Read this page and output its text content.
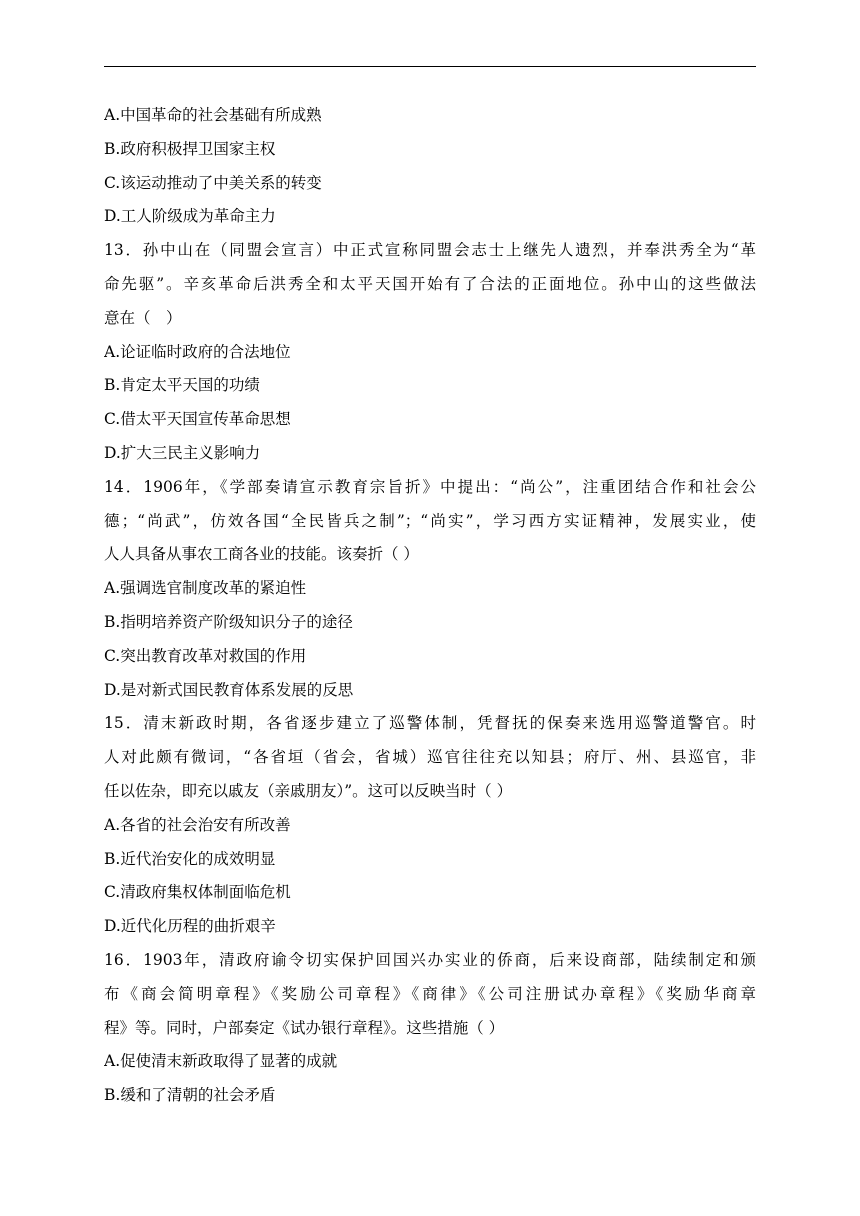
A.中国革命的社会基础有所成熟
B.政府积极捍卫国家主权
C.该运动推动了中美关系的转变
D.工人阶级成为革命主力
13．孙中山在（同盟会宣言）中正式宣称同盟会志士上继先人遗烈，并奉洪秀全为“革
命先驱”。辛亥革命后洪秀全和太平天国开始有了合法的正面地位。孙中山的这些做法
意在（　）
A.论证临时政府的合法地位
B.肯定太平天国的功绩
C.借太平天国宣传革命思想
D.扩大三民主义影响力
14．1906年，《学部奏请宣示教育宗旨折》中提出：“尚公”，注重团结合作和社会公
德；“尚武”，仿效各国“全民皆兵之制”；“尚实”，学习西方实证精神，发展实业，使
人人具备从事农工商各业的技能。该奏折（ ）
A.强调选官制度改革的紧迫性
B.指明培养资产阶级知识分子的途径
C.突出教育改革对救国的作用
D.是对新式国民教育体系发展的反思
15．清末新政时期，各省逐步建立了巡警体制，凭督抚的保奏来选用巡警道警官。时
人对此颇有微词，“各省垣（省会，省城）巡官往往充以知县；府厅、州、县巡官，非
任以佐杂，即充以戚友（亲戚朋友）”。这可以反映当时（ ）
A.各省的社会治安有所改善
B.近代治安化的成效明显
C.清政府集权体制面临危机
D.近代化历程的曲折艰辛
16．1903年，清政府谕令切实保护回国兴办实业的侨商，后来设商部，陆续制定和颁
布《商会简明章程》《奖励公司章程》《商律》《公司注册试办章程》《奖励华商章
程》等。同时，户部奏定《试办银行章程》。这些措施（ ）
A.促使清末新政取得了显著的成就
B.缓和了清朝的社会矛盾
